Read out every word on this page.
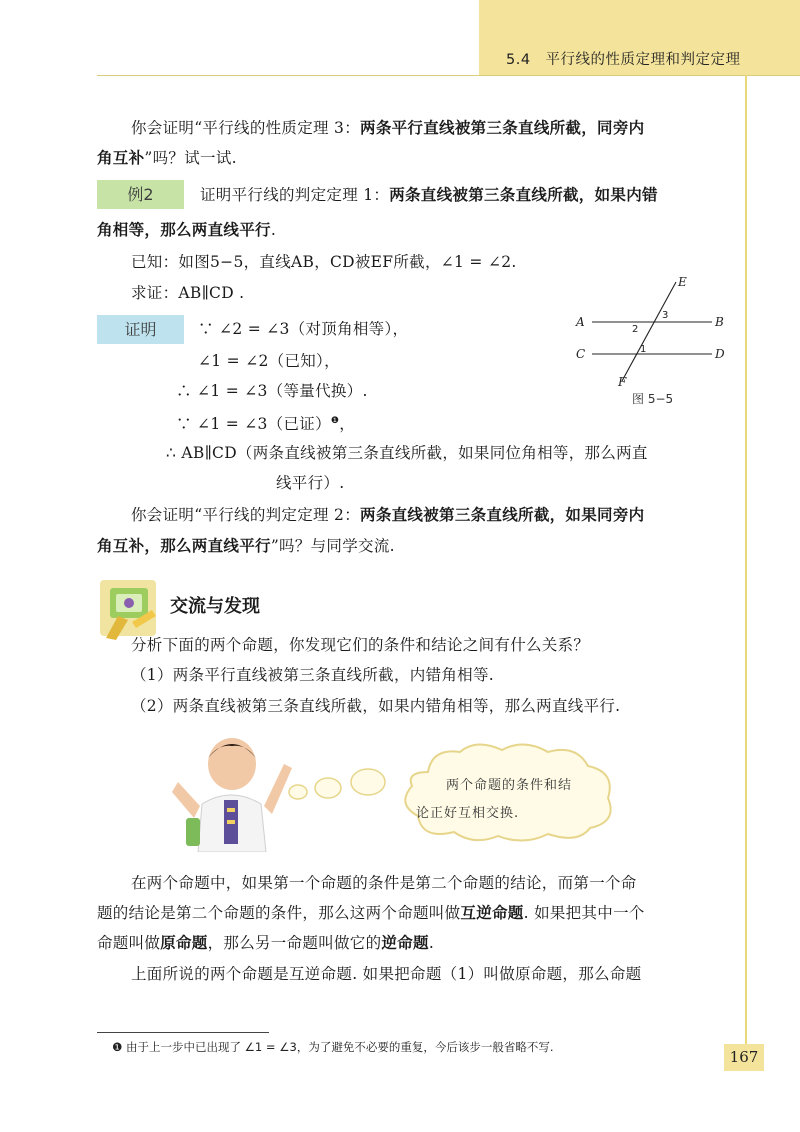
5.4　平行线的性质定理和判定定理
你会证明“平行线的性质定理 3：两条平行直线被第三条直线所截，同旁内
角互补”吗？试一试.
例2	证明平行线的判定定理 1：两条直线被第三条直线所截，如果内错
角相等，那么两直线平行.
已知：如图5−5，直线AB，CD被EF所截，∠1 = ∠2.
求证：AB∥CD .
证明	∵ ∠2 = ∠3（对顶角相等），
∠1 = ∠2（已知），
∴ ∠1 = ∠3（等量代换）.
∵ ∠1 = ∠3（已证）$^❶$，
∴ AB∥CD（两条直线被第三条直线所截，如果同位角相等，那么两直
线平行）.
A	B
C	D
E
F
2
3
1
图 5−5
你会证明“平行线的判定定理 2：两条直线被第三条直线所截，如果同旁内
角互补，那么两直线平行”吗？与同学交流.
交流与发现
分析下面的两个命题，你发现它们的条件和结论之间有什么关系？
（1）两条平行直线被第三条直线所截，内错角相等.
（2）两条直线被第三条直线所截，如果内错角相等，那么两直线平行.
两个命题的条件和结
论正好互相交换.
在两个命题中，如果第一个命题的条件是第二个命题的结论，而第一个命
题的结论是第二个命题的条件，那么这两个命题叫做互逆命题. 如果把其中一个
命题叫做原命题，那么另一命题叫做它的逆命题.
上面所说的两个命题是互逆命题. 如果把命题（1）叫做原命题，那么命题
❶ 由于上一步中已出现了 ∠1 = ∠3，为了避免不必要的重复，今后该步一般省略不写.
167
